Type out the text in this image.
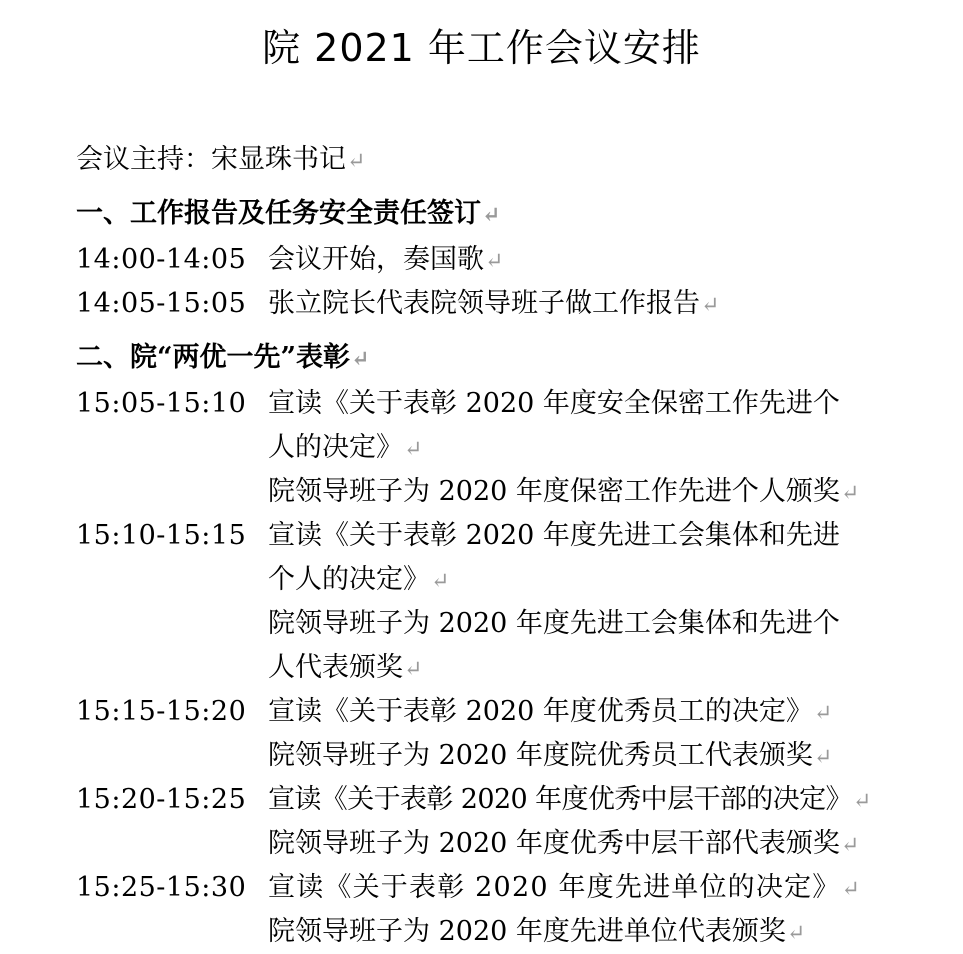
院 2021 年工作会议安排
会议主持：宋显珠书记↵
一、工作报告及任务安全责任签订↵
14:00-14:05 会议开始，奏国歌↵
14:05-15:05 张立院长代表院领导班子做工作报告↵
二、院“两优一先”表彰↵
15:05-15:10 宣读《关于表彰 2020 年度安全保密工作先进个
人的决定》↵
院领导班子为 2020 年度保密工作先进个人颁奖↵
15:10-15:15 宣读《关于表彰 2020 年度先进工会集体和先进
个人的决定》↵
院领导班子为 2020 年度先进工会集体和先进个
人代表颁奖↵
15:15-15:20 宣读《关于表彰 2020 年度优秀员工的决定》↵
院领导班子为 2020 年度院优秀员工代表颁奖↵
15:20-15:25 宣读《关于表彰 2020 年度优秀中层干部的决定》↵
院领导班子为 2020 年度优秀中层干部代表颁奖↵
15:25-15:30 宣读《关于表彰 2020 年度先进单位的决定》↵
院领导班子为 2020 年度先进单位代表颁奖↵
